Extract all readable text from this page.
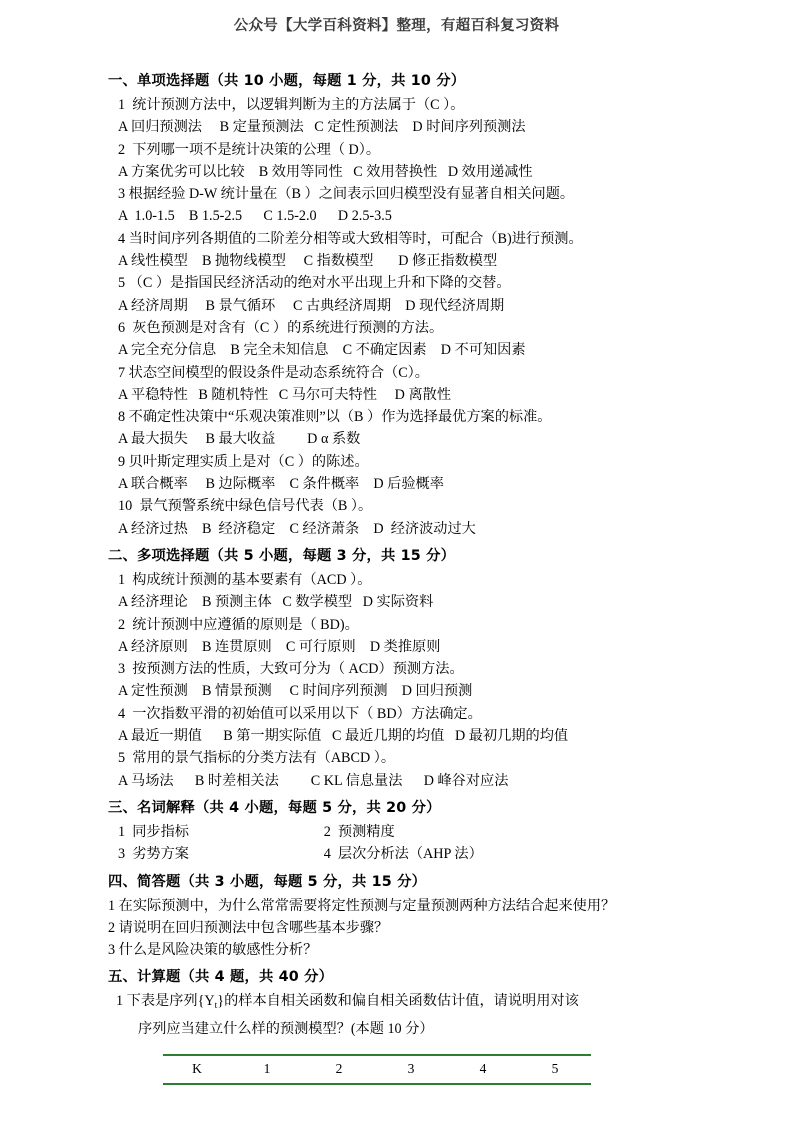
公众号【大学百科资料】整理，有超百科复习资料
一、单项选择题（共 10 小题，每题 1 分，共 10 分）

1  统计预测方法中，以逻辑判断为主的方法属于（C ）。

A 回归预测法     B 定量预测法   C 定性预测法    D 时间序列预测法

2  下列哪一项不是统计决策的公理（ D）。

A 方案优劣可以比较    B 效用等同性   C 效用替换性   D 效用递减性

3 根据经验 D-W 统计量在（B ）之间表示回归模型没有显著自相关问题。

A  1.0-1.5    B 1.5-2.5      C 1.5-2.0      D 2.5-3.5

4 当时间序列各期值的二阶差分相等或大致相等时，可配合（B)进行预测。

A 线性模型    B 抛物线模型     C 指数模型       D 修正指数模型

5 （C ）是指国民经济活动的绝对水平出现上升和下降的交替。

A 经济周期     B 景气循环     C 古典经济周期    D 现代经济周期

6  灰色预测是对含有（C ）的系统进行预测的方法。

A 完全充分信息    B 完全未知信息    C 不确定因素    D 不可知因素

7 状态空间模型的假设条件是动态系统符合（C）。

A 平稳特性   B 随机特性   C 马尔可夫特性     D 离散性

8 不确定性决策中“乐观决策准则”以（B ）作为选择最优方案的标准。

A 最大损失     B 最大收益         D α 系数

9 贝叶斯定理实质上是对（C ）的陈述。

A 联合概率     B 边际概率    C 条件概率    D 后验概率

10  景气预警系统中绿色信号代表（B ）。

A 经济过热    B  经济稳定    C 经济萧条    D  经济波动过大

二、多项选择题（共 5 小题，每题 3 分，共 15 分）

1  构成统计预测的基本要素有（ACD ）。

A 经济理论    B 预测主体   C 数学模型   D 实际资料

2  统计预测中应遵循的原则是（ BD)。

A 经济原则    B 连贯原则    C 可行原则    D 类推原则

3  按预测方法的性质，大致可分为（ ACD）预测方法。

A 定性预测    B 情景预测     C 时间序列预测    D 回归预测

4  一次指数平滑的初始值可以采用以下（ BD）方法确定。

A 最近一期值      B 第一期实际值   C 最近几期的均值   D 最初几期的均值

5  常用的景气指标的分类方法有（ABCD ）。

A 马场法      B 时差相关法         C KL 信息量法      D 峰谷对应法

三、名词解释（共 4 小题，每题 5 分，共 20 分）

1  同步指标                                      2  预测精度

3  劣势方案                                      4  层次分析法（AHP 法）

四、简答题（共 3 小题，每题 5 分，共 15 分）

1 在实际预测中，为什么常常需要将定性预测与定量预测两种方法结合起来使用？

2 请说明在回归预测法中包含哪些基本步骤？

3 什么是风险决策的敏感性分析？

五、计算题（共 4 题，共 40 分）
1 下表是序列$\{Y_t\}$的样本自相关函数和偏自相关函数估计值，请说明用对该
序列应当建立什么样的预测模型？(本题 10 分）
K	1	2	3	4	5
